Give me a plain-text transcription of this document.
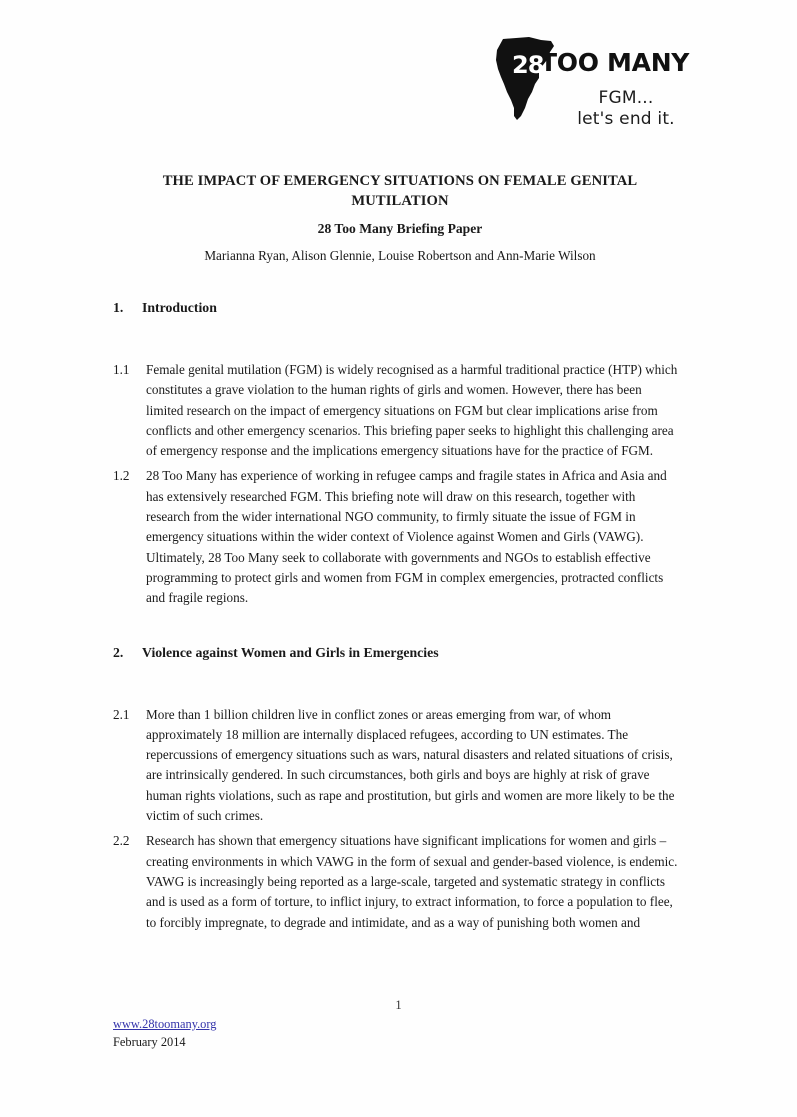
28
TOO MANY
FGM...
let's end it.
THE IMPACT OF EMERGENCY SITUATIONS ON FEMALE GENITAL MUTILATION
28 Too Many Briefing Paper
Marianna Ryan, Alison Glennie, Louise Robertson and Ann-Marie Wilson
1.	Introduction
1.1	Female genital mutilation (FGM) is widely recognised as a harmful traditional practice (HTP) which constitutes a grave violation to the human rights of girls and women. However, there has been limited research on the impact of emergency situations on FGM but clear implications arise from conflicts and other emergency scenarios. This briefing paper seeks to highlight this challenging area of emergency response and the implications emergency situations have for the practice of FGM.
1.2	28 Too Many has experience of working in refugee camps and fragile states in Africa and Asia and has extensively researched FGM. This briefing note will draw on this research, together with research from the wider international NGO community, to firmly situate the issue of FGM in emergency situations within the wider context of Violence against Women and Girls (VAWG). Ultimately, 28 Too Many seek to collaborate with governments and NGOs to establish effective programming to protect girls and women from FGM in complex emergencies, protracted conflicts and fragile regions.
2.	Violence against Women and Girls in Emergencies
2.1	More than 1 billion children live in conflict zones or areas emerging from war, of whom approximately 18 million are internally displaced refugees, according to UN estimates. The repercussions of emergency situations such as wars, natural disasters and related situations of crisis, are intrinsically gendered. In such circumstances, both girls and boys are highly at risk of grave human rights violations, such as rape and prostitution, but girls and women are more likely to be the victim of such crimes.
2.2	Research has shown that emergency situations have significant implications for women and girls – creating environments in which VAWG in the form of sexual and gender-based violence, is endemic. VAWG is increasingly being reported as a large-scale, targeted and systematic strategy in conflicts and is used as a form of torture, to inflict injury, to extract information, to force a population to flee, to forcibly impregnate, to degrade and intimidate, and as a way of punishing both women and
1
www.28toomany.org
February 2014
